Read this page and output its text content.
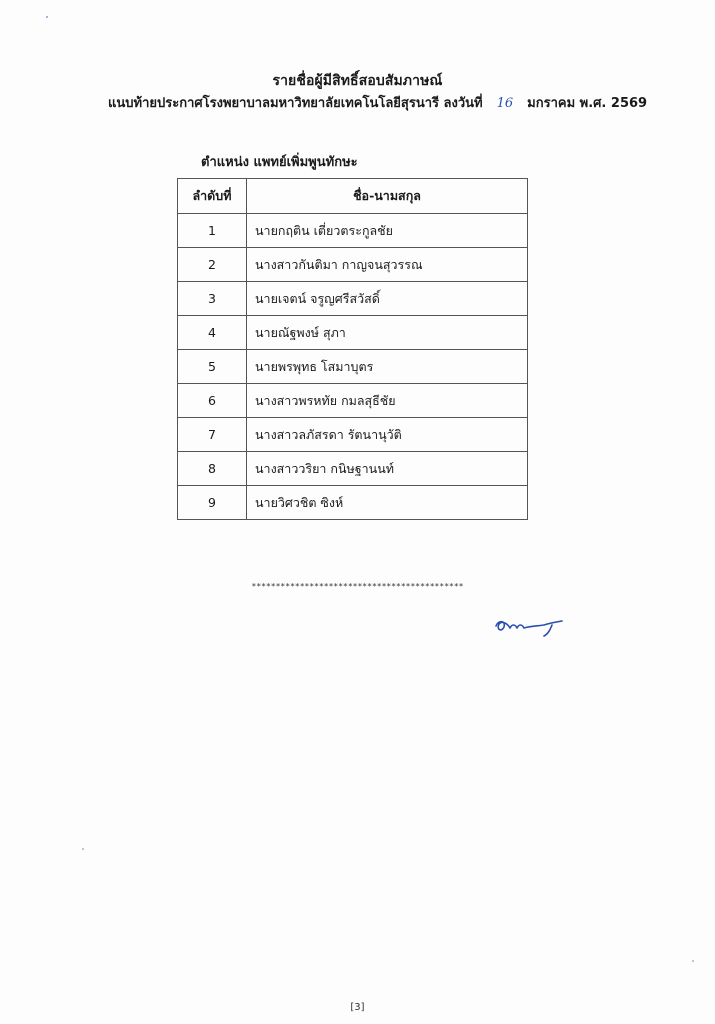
รายชื่อผู้มีสิทธิ์สอบสัมภาษณ์
แนบท้ายประกาศโรงพยาบาลมหาวิทยาลัยเทคโนโลยีสุรนารี ลงวันที่ 16 มกราคม พ.ศ. 2569
ตำแหน่ง แพทย์เพิ่มพูนทักษะ
ลำดับที่	ชื่อ-นามสกุล
1	นายกฤติน เตี่ยวตระกูลชัย
2	นางสาวกันติมา กาญจนสุวรรณ
3	นายเจตน์ จรูญศรีสวัสดิ์
4	นายณัฐพงษ์ สุภา
5	นายพรพุทธ โสมาบุตร
6	นางสาวพรหทัย กมลสุธีชัย
7	นางสาวลภัสรดา รัตนานุวัติ
8	นางสาววริยา กนิษฐานนท์
9	นายวิศวชิต ซิงห์
********************************************
[3]
